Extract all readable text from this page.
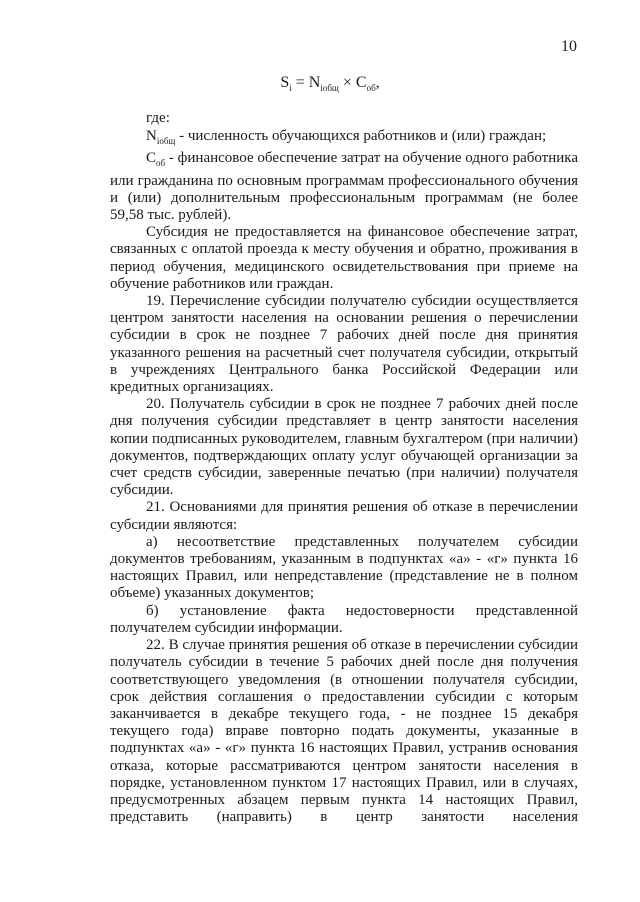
10
$S_i = N_{iобщ} \times C_{об}$,

где:

$N_{iобщ}$ - численность обучающихся работников и (или) граждан;

$C_{об}$ - финансовое обеспечение затрат на обучение одного работника или гражданина по основным программам профессионального обучения и (или) дополнительным профессиональным программам (не более 59,58 тыс. рублей).

Субсидия не предоставляется на финансовое обеспечение затрат, связанных с оплатой проезда к месту обучения и обратно, проживания в период обучения, медицинского освидетельствования при приеме на обучение работников или граждан.

19. Перечисление субсидии получателю субсидии осуществляется центром занятости населения на основании решения о перечислении субсидии в срок не позднее 7 рабочих дней после дня принятия указанного решения на расчетный счет получателя субсидии, открытый в учреждениях Центрального банка Российской Федерации или кредитных организациях.

20. Получатель субсидии в срок не позднее 7 рабочих дней после дня получения субсидии представляет в центр занятости населения копии подписанных руководителем, главным бухгалтером (при наличии) документов, подтверждающих оплату услуг обучающей организации за счет средств субсидии, заверенные печатью (при наличии) получателя субсидии.

21. Основаниями для принятия решения об отказе в перечислении субсидии являются:

а) несоответствие представленных получателем субсидии документов требованиям, указанным в подпунктах «а» - «г» пункта 16 настоящих Правил, или непредставление (представление не в полном объеме) указанных документов;

б) установление факта недостоверности представленной получателем субсидии информации.

22. В случае принятия решения об отказе в перечислении субсидии получатель субсидии в течение 5 рабочих дней после дня получения соответствующего уведомления (в отношении получателя субсидии, срок действия соглашения о предоставлении субсидии с которым заканчивается в декабре текущего года, - не позднее 15 декабря текущего года) вправе повторно подать документы, указанные в подпунктах «а» - «г» пункта 16 настоящих Правил, устранив основания отказа, которые рассматриваются центром занятости населения в порядке, установленном пунктом 17 настоящих Правил, или в случаях, предусмотренных абзацем первым пункта 14 настоящих Правил, представить (направить) в центр занятости населения
